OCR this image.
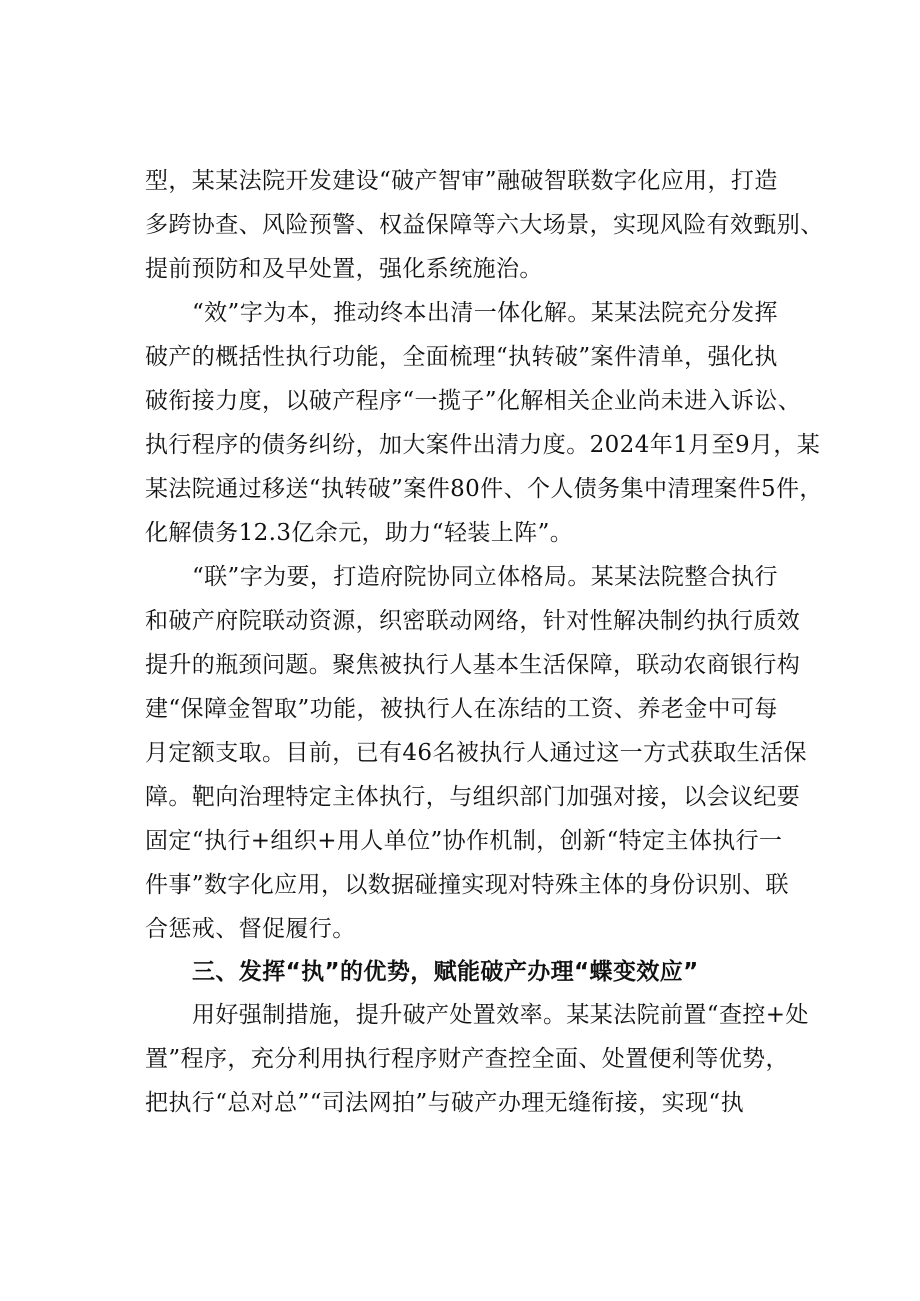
型，某某法院开发建设“破产智审”融破智联数字化应用，打造
多跨协查、风险预警、权益保障等六大场景，实现风险有效甄别、
提前预防和及早处置，强化系统施治。
“效”字为本，推动终本出清一体化解。某某法院充分发挥
破产的概括性执行功能，全面梳理“执转破”案件清单，强化执
破衔接力度，以破产程序“一揽子”化解相关企业尚未进入诉讼、
执行程序的债务纠纷，加大案件出清力度。2024年1月至9月，某
某法院通过移送“执转破”案件80件、个人债务集中清理案件5件，
化解债务12.3亿余元，助力“轻装上阵”。
“联”字为要，打造府院协同立体格局。某某法院整合执行
和破产府院联动资源，织密联动网络，针对性解决制约执行质效
提升的瓶颈问题。聚焦被执行人基本生活保障，联动农商银行构
建“保障金智取”功能，被执行人在冻结的工资、养老金中可每
月定额支取。目前，已有46名被执行人通过这一方式获取生活保
障。靶向治理特定主体执行，与组织部门加强对接，以会议纪要
固定“执行+组织+用人单位”协作机制，创新“特定主体执行一
件事”数字化应用，以数据碰撞实现对特殊主体的身份识别、联
合惩戒、督促履行。
三、发挥“执”的优势，赋能破产办理“蝶变效应”
用好强制措施，提升破产处置效率。某某法院前置“查控+处
置”程序，充分利用执行程序财产查控全面、处置便利等优势，
把执行“总对总”“司法网拍”与破产办理无缝衔接，实现“执
